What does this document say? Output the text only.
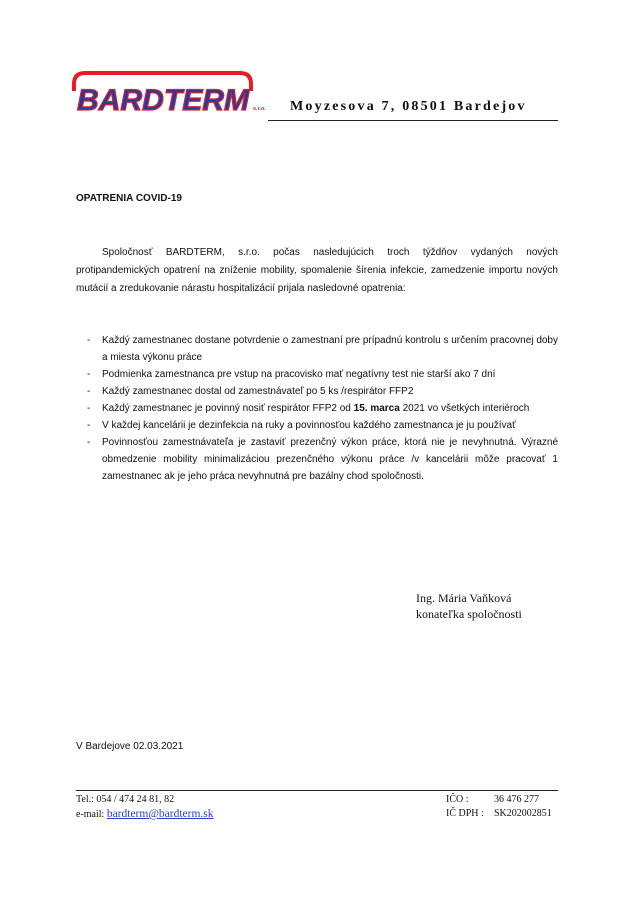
BARDTERM s.r.o. Moyzesova 7, 08501 Bardejov
OPATRENIA COVID-19

Spoločnosť BARDTERM, s.r.o. počas nasledujúcich troch týždňov vydaných nových protipandemických opatrení na zníženie mobility, spomalenie šírenia infekcie, zamedzenie importu nových mutácií a zredukovanie nárastu hospitalizácií prijala nasledovné opatrenia:

- Každý zamestnanec dostane potvrdenie o zamestnaní pre prípadnú kontrolu s určením pracovnej doby a miesta výkonu práce
- Podmienka zamestnanca pre vstup na pracovisko mať negatívny test nie starší ako 7 dní
- Každý zamestnanec dostal od zamestnávateľ po 5 ks /respirátor FFP2
- Každý zamestnanec je povinný nosiť respirátor FFP2 od 15. marca 2021 vo všetkých interiéroch
- V každej kancelárii je dezinfekcia na ruky a povinnosťou každého zamestnanca je ju používať
- Povinnosťou zamestnávateľa je zastaviť prezenčný výkon práce, ktorá nie je nevyhnutná. Výrazné obmedzenie mobility minimalizáciou prezenčného výkonu práce /v kancelárii môže pracovať 1 zamestnanec ak je jeho práca nevyhnutná pre bazálny chod spoločnosti.
Ing. Mária Vaňková
konateľka spoločnosti
V Bardejove 02.03.2021
Tel.: 054 / 474 24 81, 82
e-mail: bardterm@bardterm.sk
IČO :	36 476 277
IČ DPH : SK202002851
